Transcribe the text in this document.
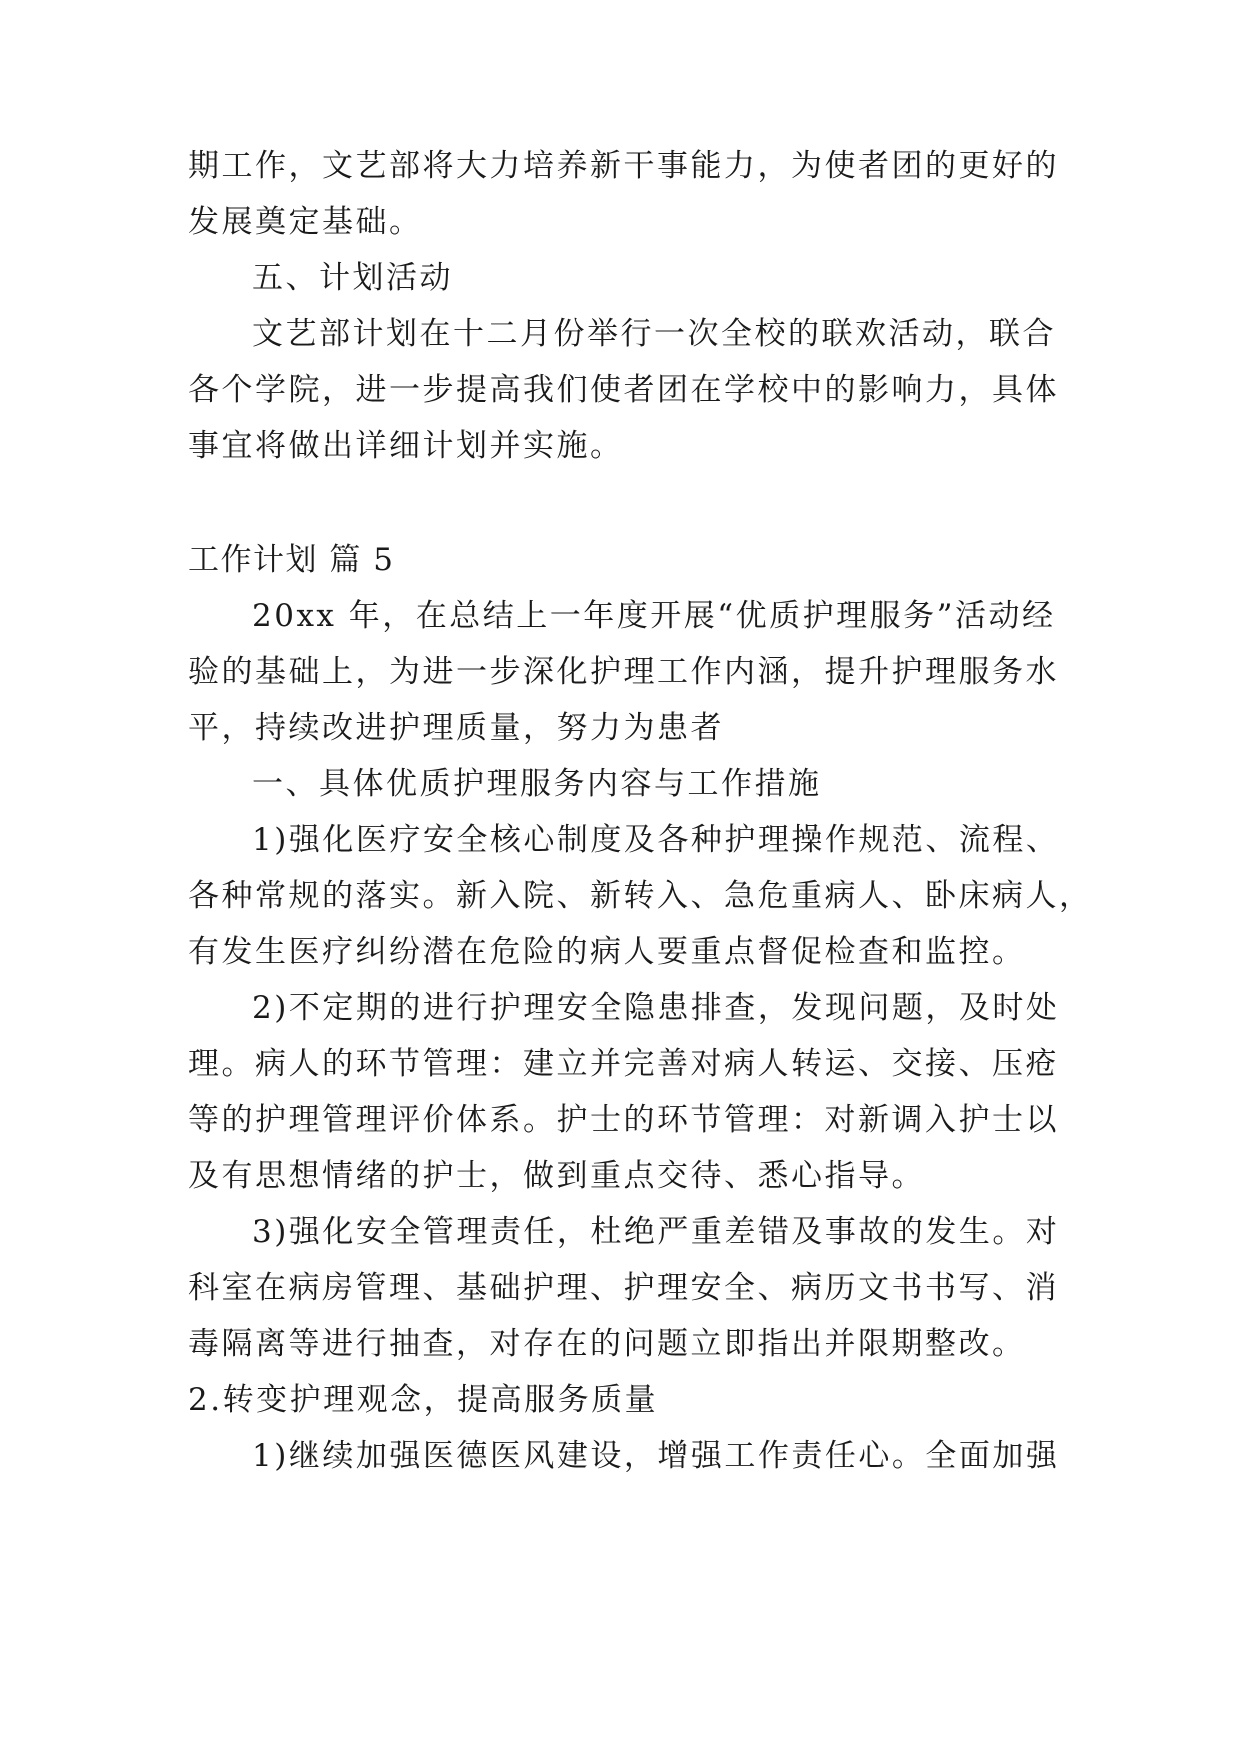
期工作，文艺部将大力培养新干事能力，为使者团的更好的
发展奠定基础。
五、计划活动
文艺部计划在十二月份举行一次全校的联欢活动，联合
各个学院，进一步提高我们使者团在学校中的影响力，具体
事宜将做出详细计划并实施。
工作计划 篇 5
20xx 年，在总结上一年度开展“优质护理服务”活动经
验的基础上，为进一步深化护理工作内涵，提升护理服务水
平，持续改进护理质量，努力为患者
一、具体优质护理服务内容与工作措施
1)强化医疗安全核心制度及各种护理操作规范、流程、
各种常规的落实。新入院、新转入、急危重病人、卧床病人，
有发生医疗纠纷潜在危险的病人要重点督促检查和监控。
2)不定期的进行护理安全隐患排查，发现问题，及时处
理。病人的环节管理：建立并完善对病人转运、交接、压疮
等的护理管理评价体系。护士的环节管理：对新调入护士以
及有思想情绪的护士，做到重点交待、悉心指导。
3)强化安全管理责任，杜绝严重差错及事故的发生。对
科室在病房管理、基础护理、护理安全、病历文书书写、消
毒隔离等进行抽查，对存在的问题立即指出并限期整改。
2.转变护理观念，提高服务质量
1)继续加强医德医风建设，增强工作责任心。全面加强
